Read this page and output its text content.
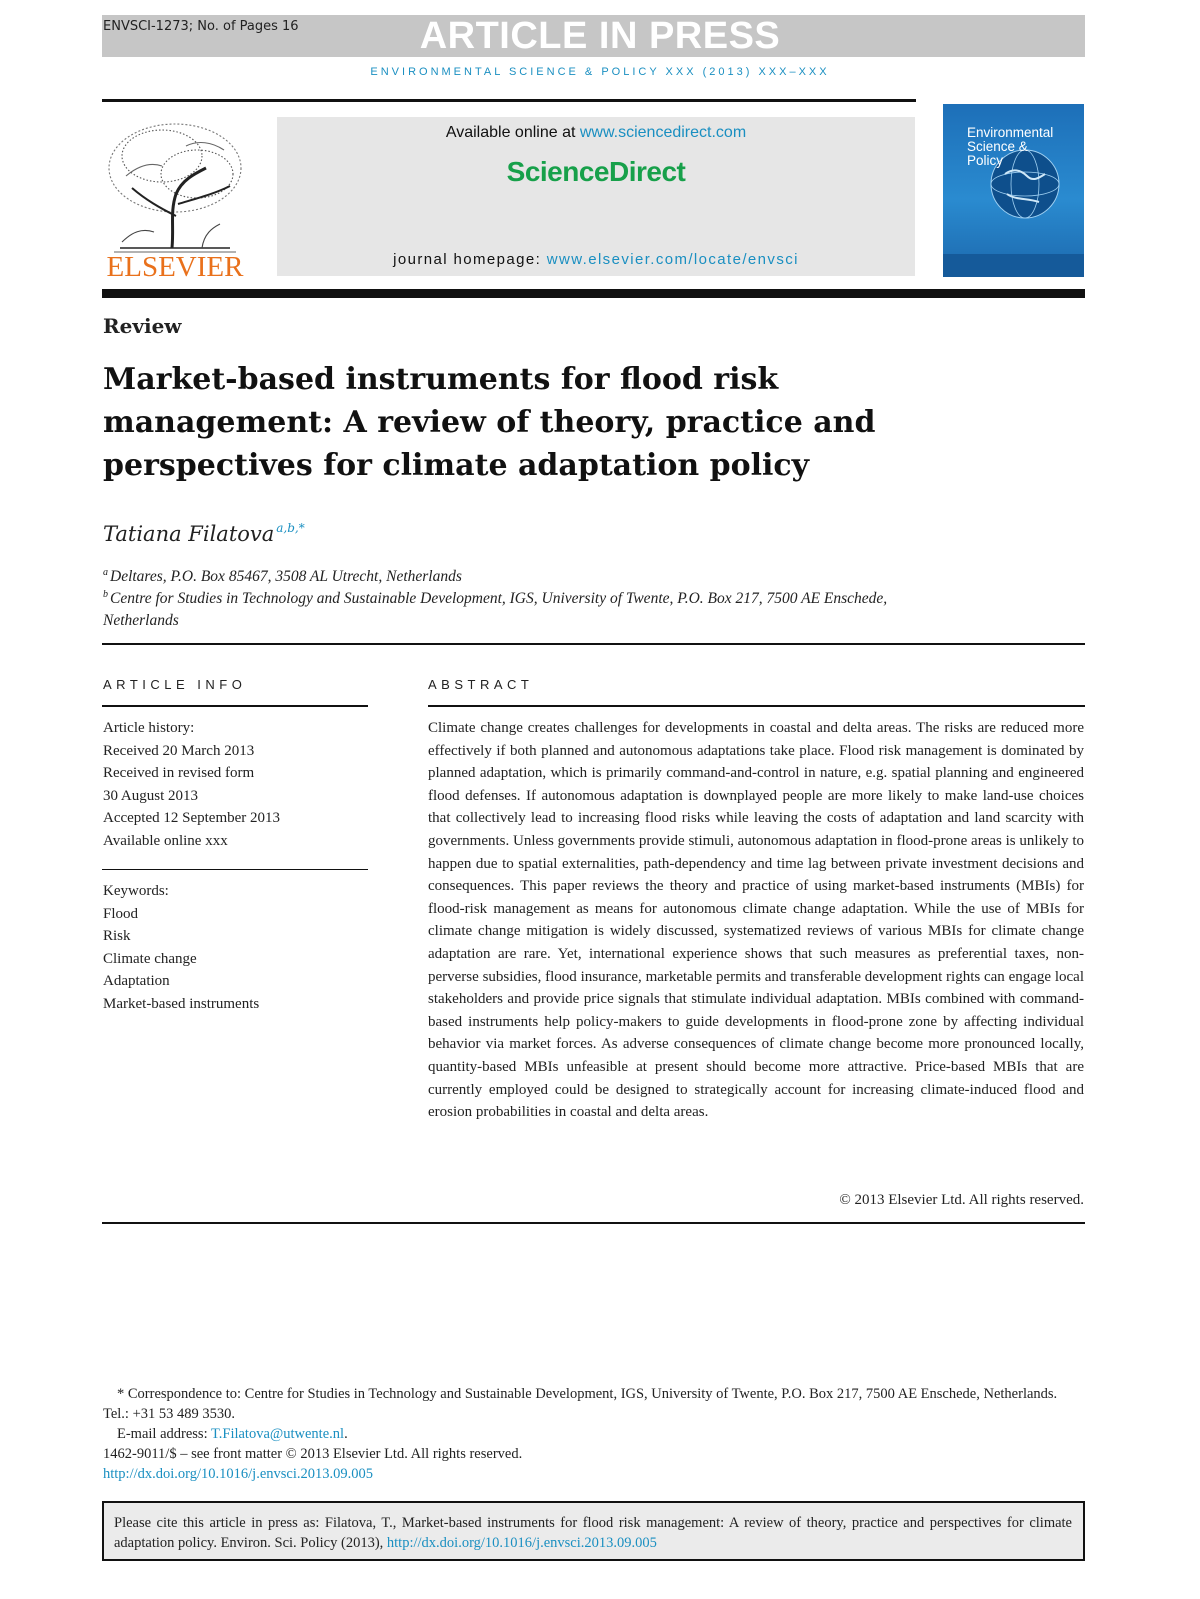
ARTICLE IN PRESS
ENVSCI-1273; No. of Pages 16
ENVIRONMENTAL SCIENCE & POLICY XXX (2013) XXX–XXX
ELSEVIER
Available online at www.sciencedirect.com
ScienceDirect
journal homepage: www.elsevier.com/locate/envsci
Environmental
Science &
Policy
Review
Market-based instruments for flood risk management: A review of theory, practice and perspectives for climate adaptation policy
Tatiana Filatova $^{a,b,*}$
$^a$ Deltares, P.O. Box 85467, 3508 AL Utrecht, Netherlands
$^b$ Centre for Studies in Technology and Sustainable Development, IGS, University of Twente, P.O. Box 217, 7500 AE Enschede, Netherlands
ARTICLE INFO
Article history:
Received 20 March 2013
Received in revised form
30 August 2013
Accepted 12 September 2013
Available online xxx
Keywords:
Flood
Risk
Climate change
Adaptation
Market-based instruments
ABSTRACT
Climate change creates challenges for developments in coastal and delta areas. The risks are reduced more effectively if both planned and autonomous adaptations take place. Flood risk management is dominated by planned adaptation, which is primarily command-and-control in nature, e.g. spatial planning and engineered flood defenses. If autonomous adaptation is downplayed people are more likely to make land-use choices that collectively lead to increasing flood risks while leaving the costs of adaptation and land scarcity with governments. Unless governments provide stimuli, autonomous adaptation in flood-prone areas is unlikely to happen due to spatial externalities, path-dependency and time lag between private investment decisions and consequences. This paper reviews the theory and practice of using market-based instruments (MBIs) for flood-risk management as means for autonomous climate change adaptation. While the use of MBIs for climate change mitigation is widely discussed, systematized reviews of various MBIs for climate change adaptation are rare. Yet, international experience shows that such measures as preferential taxes, non-perverse subsidies, flood insurance, marketable permits and transferable development rights can engage local stakeholders and provide price signals that stimulate individual adaptation. MBIs combined with command-based instruments help policy-makers to guide developments in flood-prone zone by affecting individual behavior via market forces. As adverse consequences of climate change become more pronounced locally, quantity-based MBIs unfeasible at present should become more attractive. Price-based MBIs that are currently employed could be designed to strategically account for increasing climate-induced flood and erosion probabilities in coastal and delta areas.
© 2013 Elsevier Ltd. All rights reserved.
* Correspondence to: Centre for Studies in Technology and Sustainable Development, IGS, University of Twente, P.O. Box 217, 7500 AE Enschede, Netherlands. Tel.: +31 53 489 3530.
E-mail address: T.Filatova@utwente.nl.
1462-9011/$ – see front matter © 2013 Elsevier Ltd. All rights reserved.
http://dx.doi.org/10.1016/j.envsci.2013.09.005
Please cite this article in press as: Filatova, T., Market-based instruments for flood risk management: A review of theory, practice and perspectives for climate adaptation policy. Environ. Sci. Policy (2013), http://dx.doi.org/10.1016/j.envsci.2013.09.005
